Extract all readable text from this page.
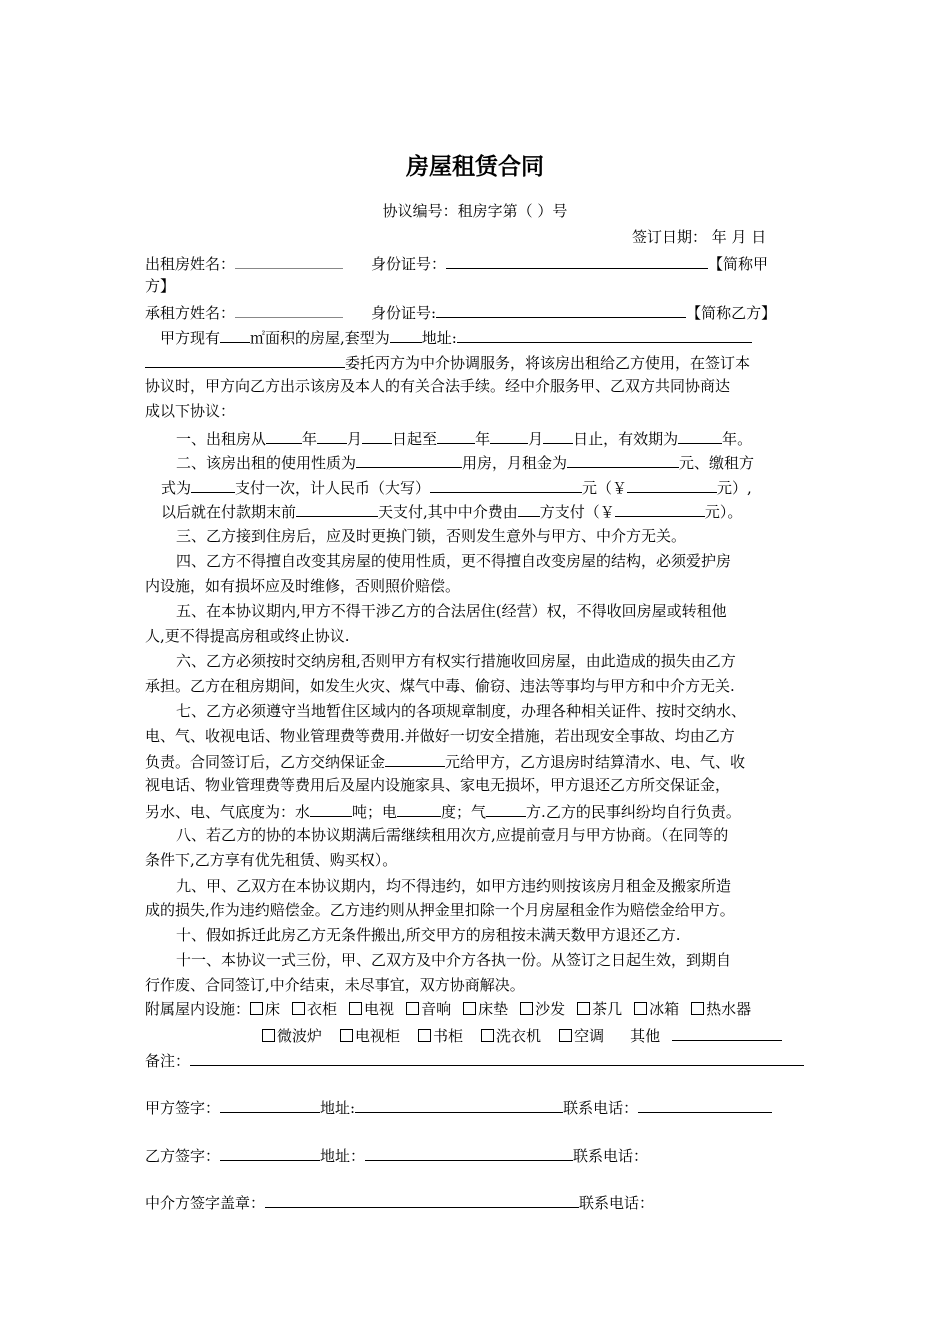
房屋租赁合同
协议编号：租房字第（ ）号
签订日期： 年 月 日
出租房姓名：	身份证号：	【简称甲
方】
承租方姓名：	身份证号:	【简称乙方】
甲方现有 ㎡面积的房屋,套型为 地址:
委托丙方为中介协调服务，将该房出租给乙方使用，在签订本
协议时，甲方向乙方出示该房及本人的有关合法手续。经中介服务甲、乙双方共同协商达
成以下协议：
一、出租房从 年 月 日起至	年	月 日止，有效期为	年。
二、该房出租的使用性质为	用房，月租金为	元、缴租方
式为	支付一次，计人民币（大写）	元（￥	元）,
以后就在付款期末前	天支付,其中中介费由 方支付（￥	元）。
三、乙方接到住房后，应及时更换门锁，否则发生意外与甲方、中介方无关。
四、乙方不得擅自改变其房屋的使用性质，更不得擅自改变房屋的结构，必须爱护房
内设施，如有损坏应及时维修，否则照价赔偿。
五、在本协议期内,甲方不得干涉乙方的合法居住(经营）权，不得收回房屋或转租他
人,更不得提高房租或终止协议.
六、乙方必须按时交纳房租,否则甲方有权实行措施收回房屋，由此造成的损失由乙方
承担。乙方在租房期间，如发生火灾、煤气中毒、偷窃、违法等事均与甲方和中介方无关.
七、乙方必须遵守当地暂住区域内的各项规章制度，办理各种相关证件、按时交纳水、
电、气、收视电话、物业管理费等费用.并做好一切安全措施，若出现安全事故、均由乙方
负责。合同签订后，乙方交纳保证金	元给甲方，乙方退房时结算清水、电、气、收
视电话、物业管理费等费用后及屋内设施家具、家电无损坏，甲方退还乙方所交保证金，
另水、电、气底度为：水	吨；电	度；气	方.乙方的民事纠纷均自行负责。
八、若乙方的协的本协议期满后需继续租用次方,应提前壹月与甲方协商。（在同等的
条件下,乙方享有优先租赁、购买权）。
九、甲、乙双方在本协议期内，均不得违约，如甲方违约则按该房月租金及搬家所造
成的损失,作为违约赔偿金。乙方违约则从押金里扣除一个月房屋租金作为赔偿金给甲方。
十、假如拆迁此房乙方无条件搬出,所交甲方的房租按未满天数甲方退还乙方.
十一、本协议一式三份，甲、乙双方及中介方各执一份。从签订之日起生效，到期自
行作废、合同签订,中介结束，未尽事宜，双方协商解决。
附属屋内设施： 床 衣柜 电视 音响 床垫 沙发 茶几 冰箱 热水器
微波炉 电视柜 书柜 洗衣机 空调 其他
备注：
甲方签字：	地址:	联系电话：
乙方签字：	地址：	联系电话：
中介方签字盖章：	联系电话：
